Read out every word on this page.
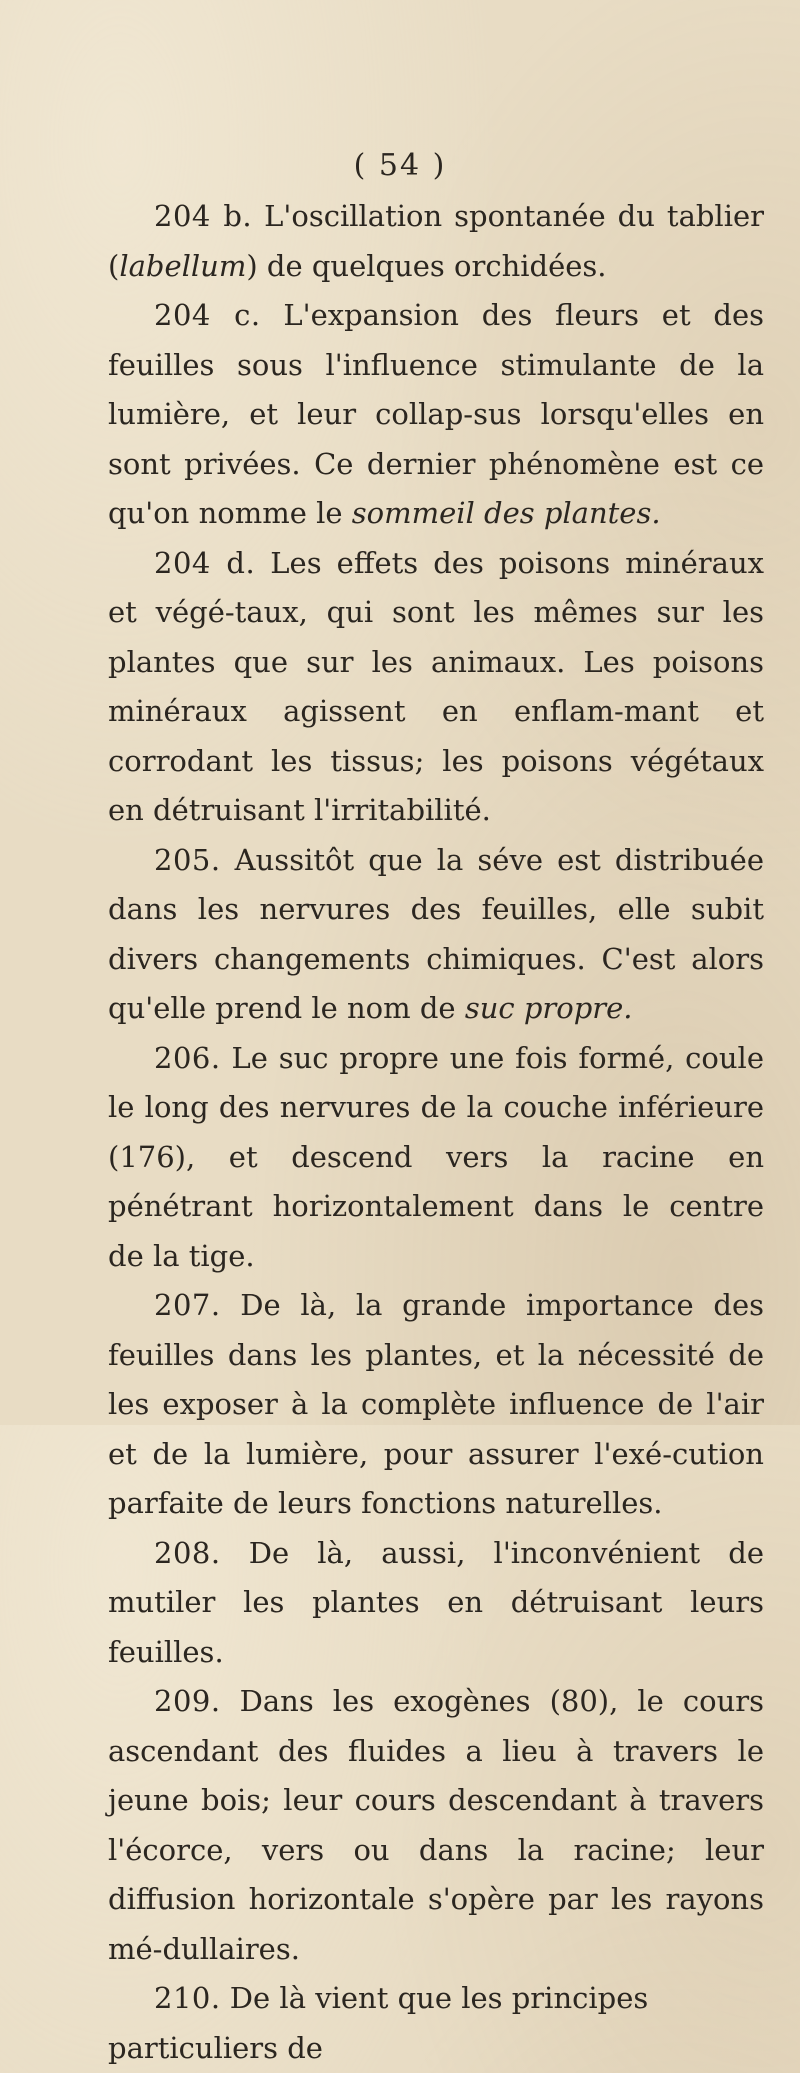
( 54 )

204 b. L'oscillation spontanée du tablier (labellum) de quelques orchidées.

204 c. L'expansion des fleurs et des feuilles sous l'influence stimulante de la lumière, et leur collap-sus lorsqu'elles en sont privées. Ce dernier phénomène est ce qu'on nomme le sommeil des plantes.

204 d. Les effets des poisons minéraux et végé-taux, qui sont les mêmes sur les plantes que sur les animaux. Les poisons minéraux agissent en enflam-mant et corrodant les tissus; les poisons végétaux en détruisant l'irritabilité.

205. Aussitôt que la séve est distribuée dans les nervures des feuilles, elle subit divers changements chimiques. C'est alors qu'elle prend le nom de suc propre.

206. Le suc propre une fois formé, coule le long des nervures de la couche inférieure (176), et descend vers la racine en pénétrant horizontalement dans le centre de la tige.

207. De là, la grande importance des feuilles dans les plantes, et la nécessité de les exposer à la complète influence de l'air et de la lumière, pour assurer l'exé-cution parfaite de leurs fonctions naturelles.

208. De là, aussi, l'inconvénient de mutiler les plantes en détruisant leurs feuilles.

209. Dans les exogènes (80), le cours ascendant des fluides a lieu à travers le jeune bois; leur cours descendant à travers l'écorce, vers ou dans la racine; leur diffusion horizontale s'opère par les rayons mé-dullaires.

210. De là vient que les principes particuliers de
